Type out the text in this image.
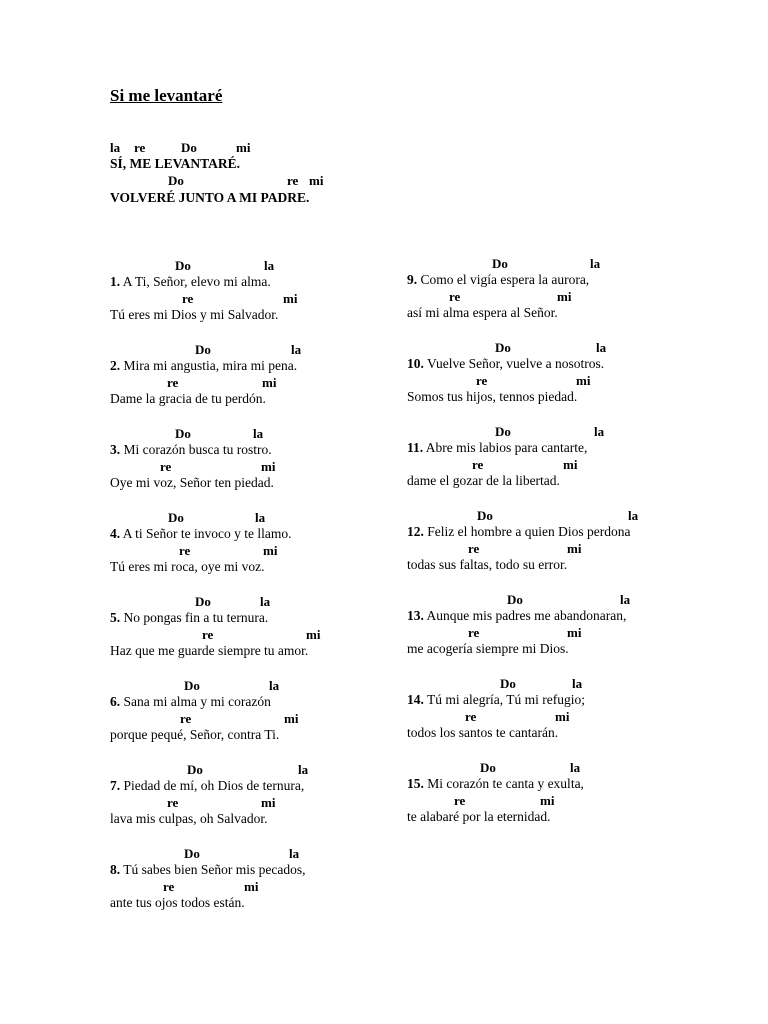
Si me levantaré
la re	Do	mi
SÍ, ME LEVANTARÉ.
Do	re mi
VOLVERÉ JUNTO A MI PADRE.
Do	la
1. A Ti, Señor, elevo mi alma.
re	mi
Tú eres mi Dios y mi Salvador.
Do	la
2. Mira mi angustia, mira mi pena.
re	mi
Dame la gracia de tu perdón.
Do	la
3. Mi corazón busca tu rostro.
re	mi
Oye mi voz, Señor ten piedad.
Do	la
4. A ti Señor te invoco y te llamo.
re	mi
Tú eres mi roca, oye mi voz.
Do	la
5. No pongas fin a tu ternura.
re	mi
Haz que me guarde siempre tu amor.
Do	la
6. Sana mi alma y mi corazón
re	mi
porque pequé, Señor, contra Ti.
Do	la
7. Piedad de mí, oh Dios de ternura,
re	mi
lava mis culpas, oh Salvador.
Do	la
8. Tú sabes bien Señor mis pecados,
re	mi
ante tus ojos todos están.
Do	la
9. Como el vigía espera la aurora,
re	mi
así mi alma espera al Señor.
Do	la
10. Vuelve Señor, vuelve a nosotros.
re	mi
Somos tus hijos, tennos piedad.
Do	la
11. Abre mis labios para cantarte,
re	mi
dame el gozar de la libertad.
Do	la
12. Feliz el hombre a quien Dios perdona
re	mi
todas sus faltas, todo su error.
Do	la
13. Aunque mis padres me abandonaran,
re	mi
me acogería siempre mi Dios.
Do	la
14. Tú mi alegría, Tú mi refugio;
re	mi
todos los santos te cantarán.
Do	la
15. Mi corazón te canta y exulta,
re	mi
te alabaré por la eternidad.
